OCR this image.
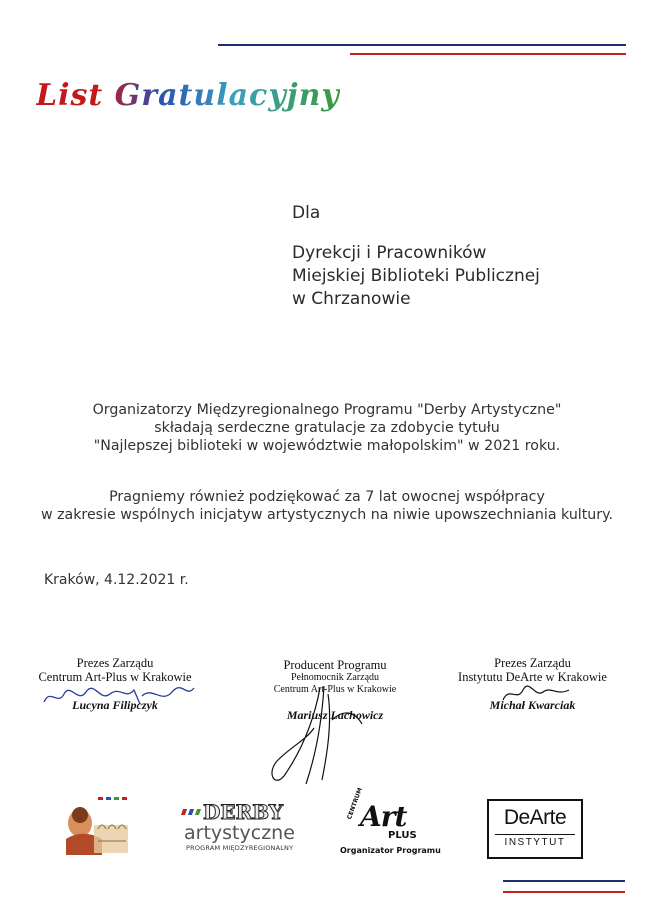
List Gratulacyjny
Dla
Dyrekcji i Pracowników
Miejskiej Biblioteki Publicznej
w Chrzanowie
Organizatorzy Międzyregionalnego Programu "Derby Artystyczne"
składają serdeczne gratulacje za zdobycie tytułu
"Najlepszej biblioteki w województwie małopolskim" w 2021 roku.
Pragniemy również podziękować za 7 lat owocnej współpracy
w zakresie wspólnych inicjatyw artystycznych na niwie upowszechniania kultury.
Kraków, 4.12.2021 r.
Prezes Zarządu
Centrum Art-Plus w Krakowie
Lucyna Filipczyk
Producent Programu
Pełnomocnik Zarządu
Centrum Art-Plus w Krakowie
Mariusz Lachowicz
Prezes Zarządu
Instytutu DeArte w Krakowie
Michał Kwarciak
DERBY
artystyczne
PROGRAM MIĘDZYREGIONALNY
CENTRUM
Art
PLUS
Organizator Programu
DeArte
INSTYTUT
